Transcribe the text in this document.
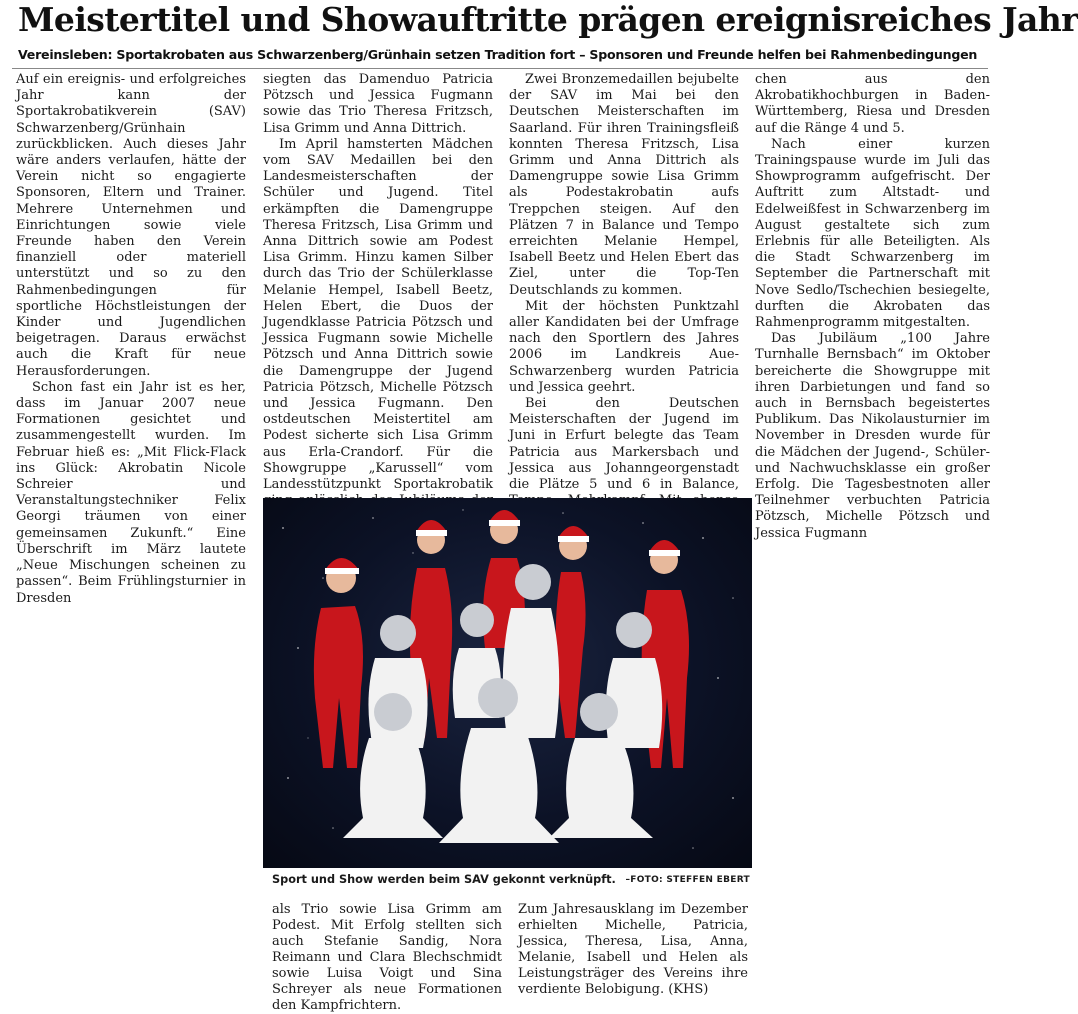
Meistertitel und Showauftritte prägen ereignisreiches Jahr
Vereinsleben: Sportakrobaten aus Schwarzenberg/Grünhain setzen Tradition fort – Sponsoren und Freunde helfen bei Rahmenbedingungen

Auf ein ereignis- und erfolgreiches Jahr kann der Sportakrobatikverein (SAV) Schwarzenberg/Grünhain zurückblicken. Auch dieses Jahr wäre anders verlaufen, hätte der Verein nicht so engagierte Sponsoren, Eltern und Trainer. Mehrere Unternehmen und Einrichtungen sowie viele Freunde haben den Verein finanziell oder materiell unterstützt und so zu den Rahmenbedingungen für sportliche Höchstleistungen der Kinder und Jugendlichen beigetragen. Daraus erwächst auch die Kraft für neue Herausforderungen.

Schon fast ein Jahr ist es her, dass im Januar 2007 neue Formationen gesichtet und zusammengestellt wurden. Im Februar hieß es: „Mit Flick-Flack ins Glück: Akrobatin Nicole Schreier und Veranstaltungstechniker Felix Georgi träumen von einer gemeinsamen Zukunft.“ Eine Überschrift im März lautete „Neue Mischungen scheinen zu passen“. Beim Frühlingsturnier in Dresden

siegten das Damenduo Patricia Pötzsch und Jessica Fugmann sowie das Trio Theresa Fritzsch, Lisa Grimm und Anna Dittrich.

Im April hamsterten Mädchen vom SAV Medaillen bei den Landesmeisterschaften der Schüler und Jugend. Titel erkämpften die Damengruppe Theresa Fritzsch, Lisa Grimm und Anna Dittrich sowie am Podest Lisa Grimm. Hinzu kamen Silber durch das Trio der Schülerklasse Melanie Hempel, Isabell Beetz, Helen Ebert, die Duos der Jugendklasse Patricia Pötzsch und Jessica Fugmann sowie Michelle Pötzsch und Anna Dittrich sowie die Damengruppe der Jugend Patricia Pötzsch, Michelle Pötzsch und Jessica Fugmann. Den ostdeutschen Meistertitel am Podest sicherte sich Lisa Grimm aus Erla-Crandorf. Für die Showgruppe „Karussell“ vom Landesstützpunkt Sportakrobatik

Zwei Bronzemedaillen bejubelte der SAV im Mai bei den Deutschen Meisterschaften im Saarland. Für ihren Trainingsfleiß konnten Theresa Fritzsch, Lisa Grimm und Anna Dittrich als Damengruppe sowie Lisa Grimm als Podestakrobatin aufs Treppchen steigen. Auf den Plätzen 7 in Balance und Tempo erreichten Melanie Hempel, Isabell Beetz und Helen Ebert das Ziel, unter die Top-Ten Deutschlands zu kommen.

Mit der höchsten Punktzahl aller Kandidaten bei der Umfrage nach den Sportlern des Jahres 2006 im Landkreis Aue-Schwarzenberg wurden Patricia und Jessica geehrt.

Bei den Deutschen Meisterschaften der Jugend im Juni in Erfurt belegte das Team Patricia aus Markersbach und Jessica aus Johanngeorgenstadt die Plätze 5 und 6 in Balance,

chen aus den Akrobatikhochburgen in Baden-Württemberg, Riesa und Dresden auf die Ränge 4 und 5.

Nach einer kurzen Trainingspause wurde im Juli das Showprogramm aufgefrischt. Der Auftritt zum Altstadt- und Edelweißfest in Schwarzenberg im August gestaltete sich zum Erlebnis für alle Beteiligten. Als die Stadt Schwarzenberg im September die Partnerschaft mit Nove Sedlo/Tschechien besiegelte, durften die Akrobaten das Rahmenprogramm mitgestalten.

Das Jubiläum „100 Jahre Turnhalle Bernsbach“ im Oktober bereicherte die Showgruppe mit ihren Darbietungen und fand so auch in Bernsbach begeistertes Publikum. Das Nikolausturnier im November in Dresden wurde für die Mädchen der Jugend-, Schüler- und Nachwuchsklasse ein großer Erfolg. Die Tagesbestnoten aller Teilnehmer verbuchten Patricia Pötzsch, Michelle Pötzsch und Jessica Fugmann

Sport und Show werden beim SAV gekonnt verknüpft. –FOTO: STEFFEN EBERT

als Trio sowie Lisa Grimm am Podest. Mit Erfolg stellten sich auch Stefanie Sandig, Nora Reimann und Clara Blechschmidt sowie Luisa Voigt und Sina Schreyer als neue Formationen den Kampfrichtern.

Zum Jahresausklang im Dezember erhielten Michelle, Patricia, Jessica, Theresa, Lisa, Anna, Melanie, Isabell und Helen als Leistungsträger des Vereins ihre verdiente Belobigung. (KHS)
